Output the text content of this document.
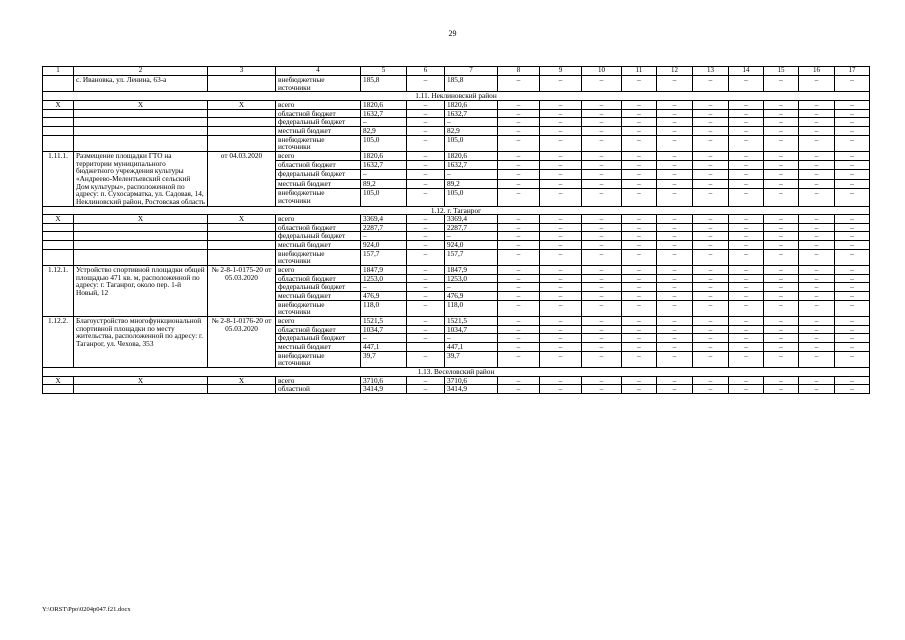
29
1	2	3	4	5	6	7	8	9	10	11	12	13	14	15	16	17
	с. Ивановка, ул. Ленина, 63-а		внебюджетные источники	185,8	–	185,8	–	–	–	–	–	–	–	–	–	–
1.11. Неклиновский район																
X	X	X	всего	1820,6	–	1820,6	–	–	–	–	–	–	–	–	–	–
			областной бюджет	1632,7	–	1632,7	–	–	–	–	–	–	–	–	–	–
			федеральный бюджет	–	–	–	–	–	–	–	–	–	–	–	–	–
			местный бюджет	82,9	–	82,9	–	–	–	–	–	–	–	–	–	–
			внебюджетные источники	105,0	–	105,0	–	–	–	–	–	–	–	–	–	–
1.11.1.	Размещение площадки ГТО на территории муниципального бюджетного учреждения культуры «Андреево-Мелентьевский сельский Дом культуры», расположенной по адресу: п. Сухосарматка, ул. Садовая, 14, Неклиновский район, Ростовская область	от 04.03.2020	всего	1820,6	–	1820,6	–	–	–	–	–	–	–	–	–	–
			областной бюджет	1632,7	–	1632,7	–	–	–	–	–	–	–	–	–	–
			федеральный бюджет	–	–	–	–	–	–	–	–	–	–	–	–	–
			местный бюджет	89,2	–	89,2	–	–	–	–	–	–	–	–	–	–
			внебюджетные источники	105,0	–	105,0	–	–	–	–	–	–	–	–	–	–
1.12. г. Таганрог																
X	X	X	всего	3369,4	–	3369,4	–	–	–	–	–	–	–	–	–	–
			областной бюджет	2287,7	–	2287,7	–	–	–	–	–	–	–	–	–	–
			федеральный бюджет	–	–	–	–	–	–	–	–	–	–	–	–	–
			местный бюджет	924,0	–	924,0	–	–	–	–	–	–	–	–	–	–
			внебюджетные источники	157,7	–	157,7	–	–	–	–	–	–	–	–	–	–
1.12.1.	Устройство спортивной площадки общей площадью 471 кв. м, расположенной по адресу: г. Таганрог, около пер. 1-й Новый, 12	№ 2-8-1-0175-20 от 05.03.2020	всего	1847,9	–	1847,9	–	–	–	–	–	–	–	–	–	–
			областной бюджет	1253,0	–	1253,0	–	–	–	–	–	–	–	–	–	–
			федеральный бюджет	–	–	–	–	–	–	–	–	–	–	–	–	–
			местный бюджет	476,9	–	476,9	–	–	–	–	–	–	–	–	–	–
			внебюджетные источники	118,0	–	118,0	–	–	–	–	–	–	–	–	–	–
1.12.2.	Благоустройство многофункциональной спортивной площадки по месту жительства, расположенной по адресу: г. Таганрог, ул. Чехова, 353	№ 2-8-1-0176-20 от 05.03.2020	всего	1521,5	–	1521,5	–	–	–	–	–	–	–	–	–	–
			областной бюджет	1034,7	–	1034,7	–	–	–	–	–	–	–	–	–	–
			федеральный бюджет	–	–	–	–	–	–	–	–	–	–	–	–	–
			местный бюджет	447,1		447,1	–	–	–	–	–	–	–	–	–	–
			внебюджетные источники	39,7	–	39,7	–	–	–	–	–	–	–	–	–	–
1.13. Веселовский район																
X	X	X	всего	3710,6	–	3710,6	–	–	–	–	–	–	–	–	–	–
			областной	3414,9	–	3414,9	–	–	–	–	–	–	–	–	–	–
Y:\ORST\Ppo\0204p047.f21.docx
